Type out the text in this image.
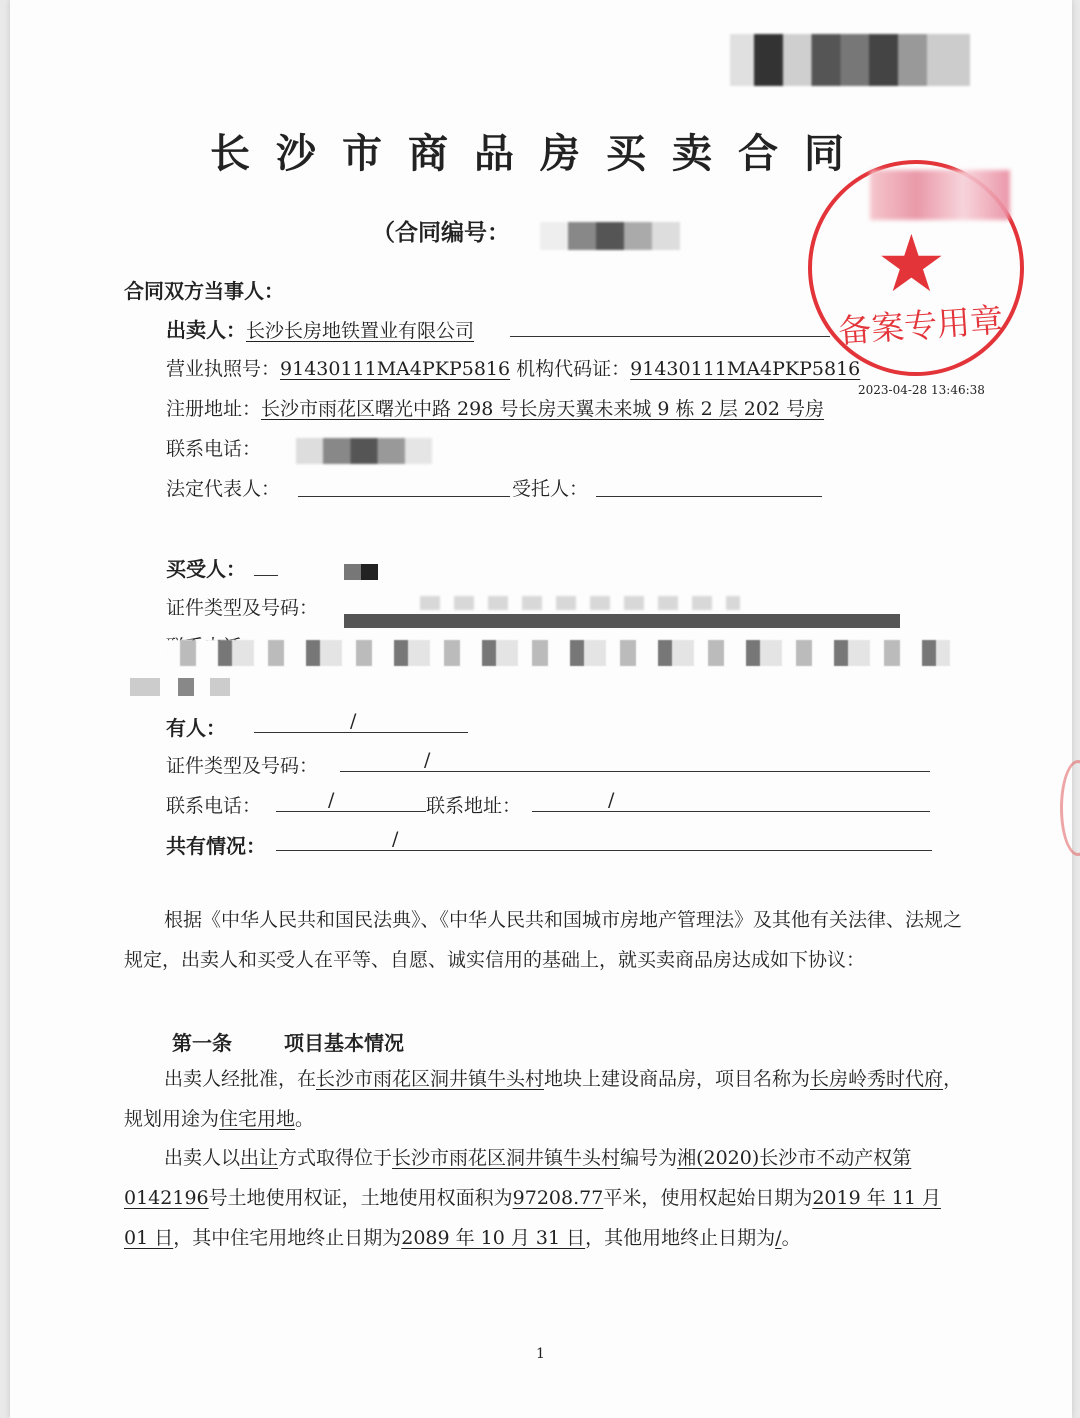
长沙市商品房买卖合同
（合同编号：	★
备案专用章
2023-04-28 13:46:38
合同双方当事人：
出卖人：长沙长房地铁置业有限公司
营业执照号：91430111MA4PKP5816 机构代码证：91430111MA4PKP5816
注册地址：长沙市雨花区曙光中路 298 号长房天翼未来城 9 栋 2 层 202 号房
联系电话：
法定代表人：	受托人：
买受人：
证件类型及号码：
有人：	/
证件类型及号码：	/
联系电话：	/	联系地址：	/
共有情况：	/
根据《中华人民共和国民法典》、《中华人民共和国城市房地产管理法》及其他有关法律、法规之规定，出卖人和买受人在平等、自愿、诚实信用的基础上，就买卖商品房达成如下协议：
第一条	项目基本情况
出卖人经批准，在长沙市雨花区洞井镇牛头村地块上建设商品房，项目名称为长房岭秀时代府，规划用途为住宅用地。
出卖人以出让方式取得位于长沙市雨花区洞井镇牛头村编号为湘(2020)长沙市不动产权第 0142196号土地使用权证，土地使用权面积为97208.77平米，使用权起始日期为2019 年 11 月 01 日，其中住宅用地终止日期为2089 年 10 月 31 日，其他用地终止日期为/。
1
